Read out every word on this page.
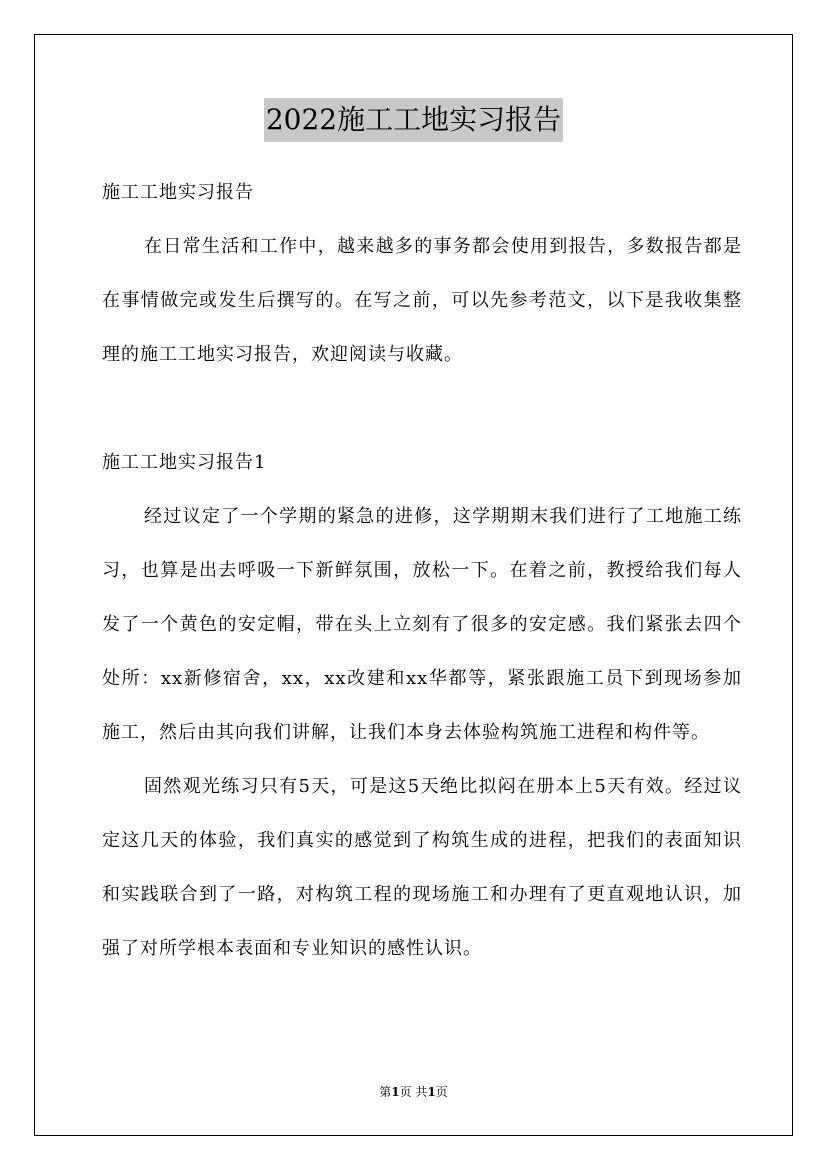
2022施工工地实习报告

施工工地实习报告

在日常生活和工作中，越来越多的事务都会使用到报告，多数报告都是在事情做完或发生后撰写的。在写之前，可以先参考范文，以下是我收集整理的施工工地实习报告，欢迎阅读与收藏。

施工工地实习报告1

经过议定了一个学期的紧急的进修，这学期期末我们进行了工地施工练习，也算是出去呼吸一下新鲜氛围，放松一下。在着之前，教授给我们每人发了一个黄色的安定帽，带在头上立刻有了很多的安定感。我们紧张去四个处所：xx新修宿舍，xx，xx改建和xx华都等，紧张跟施工员下到现场参加施工，然后由其向我们讲解，让我们本身去体验构筑施工进程和构件等。

固然观光练习只有5天，可是这5天绝比拟闷在册本上5天有效。经过议定这几天的体验，我们真实的感觉到了构筑生成的进程，把我们的表面知识和实践联合到了一路，对构筑工程的现场施工和办理有了更直观地认识，加强了对所学根本表面和专业知识的感性认识。

第1页 共1页
